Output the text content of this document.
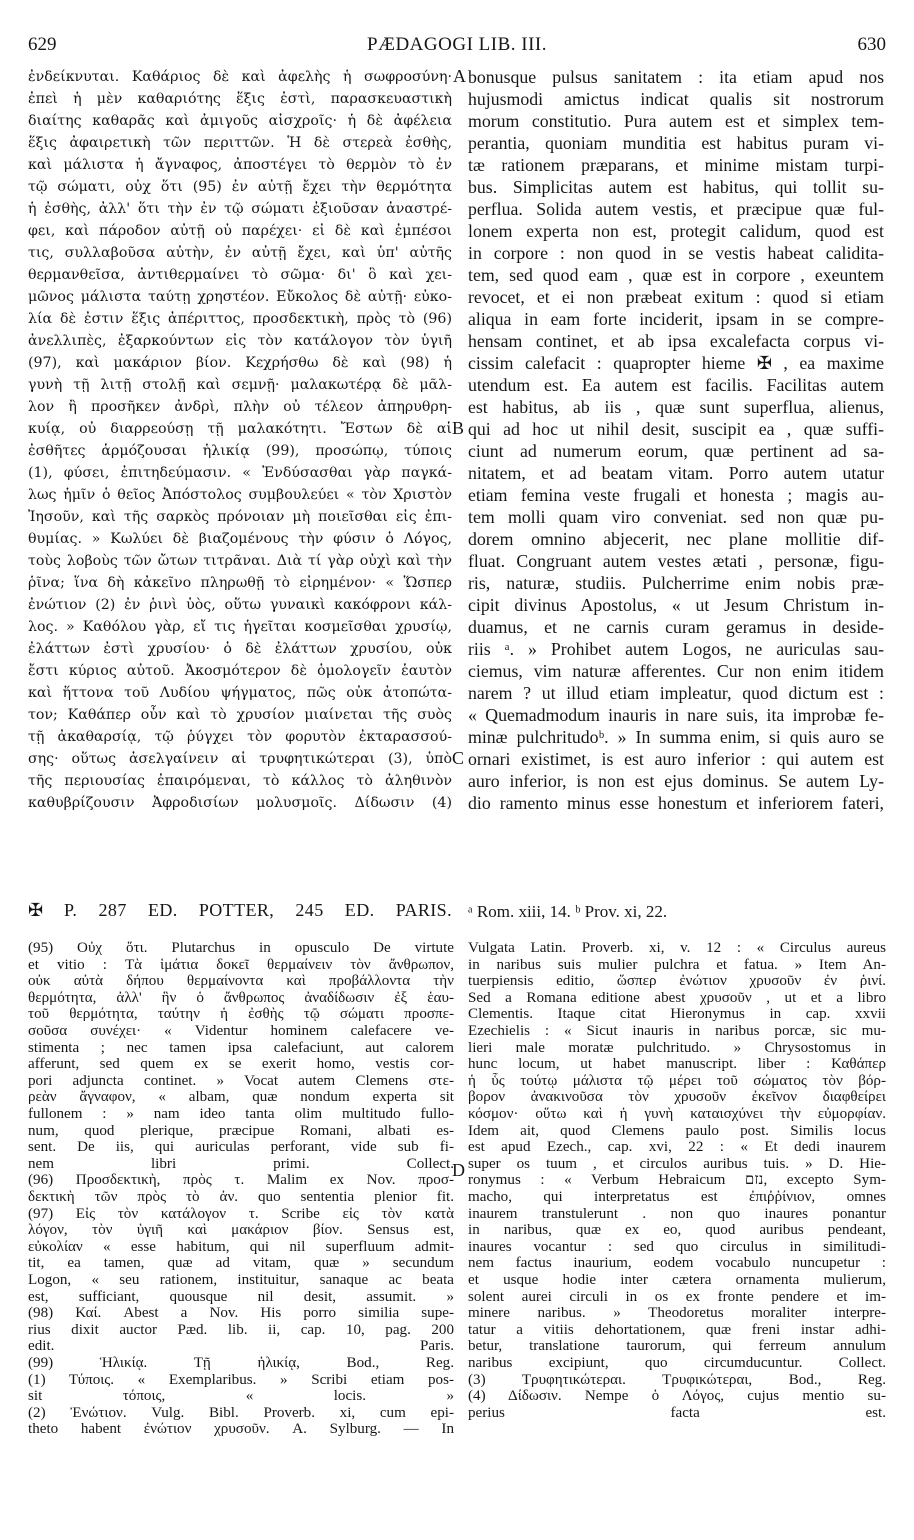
629	PÆDAGOGI LIB. III.	630
ἐνδείκνυται. Καθάριος δὲ καὶ ἀφελὴς ἡ σωφροσύνη·
ἐπεὶ ἡ μὲν καθαριότης ἕξις ἐστὶ, παρασκευαστικὴ
διαίτης καθαρᾶς καὶ ἀμιγοῦς αἰσχροῖς· ἡ δὲ ἀφέλεια
ἕξις ἀφαιρετικὴ τῶν περιττῶν. Ἡ δὲ στερεὰ ἐσθὴς,
καὶ μάλιστα ἡ ἄγναφος, ἀποστέγει τὸ θερμὸν τὸ ἐν
τῷ σώματι, οὐχ ὅτι (95) ἐν αὐτῇ ἔχει τὴν θερμότητα
ἡ ἐσθὴς, ἀλλ' ὅτι τὴν ἐν τῷ σώματι ἐξιοῦσαν ἀναστρέ-
φει, καὶ πάροδον αὐτῇ οὐ παρέχει· εἰ δὲ καὶ ἐμπέσοι
τις, συλλαβοῦσα αὐτὴν, ἐν αὐτῇ ἔχει, καὶ ὑπ' αὐτῆς
θερμανθεῖσα, ἀντιθερμαίνει τὸ σῶμα· δι' ὃ καὶ χει-
μῶνος μάλιστα ταύτῃ χρηστέον. Εὔκολος δὲ αὐτῇ· εὐκο-
λία δὲ ἐστιν ἕξις ἀπέριττος, προσδεκτικὴ, πρὸς τὸ (96)
ἀνελλιπὲς, ἐξαρκούντων εἰς τὸν κατάλογον τὸν ὑγιῆ
(97), καὶ μακάριον βίον. Κεχρήσθω δὲ καὶ (98) ἡ
γυνὴ τῇ λιτῇ στολῇ καὶ σεμνῇ· μαλακωτέρᾳ δὲ μᾶλ-
λον ἢ προσῆκεν ἀνδρὶ, πλὴν οὐ τέλεον ἀπηρυθρη-
κυίᾳ, οὐ διαρρεούσῃ τῇ μαλακότητι. Ἔστων δὲ αἱ
ἐσθῆτες ἁρμόζουσαι ἡλικίᾳ (99), προσώπῳ, τύποις
(1), φύσει, ἐπιτηδεύμασιν. « Ἐνδύσασθαι γὰρ παγκά-
λως ἡμῖν ὁ θεῖος Ἀπόστολος συμβουλεύει « τὸν Χριστὸν
Ἰησοῦν, καὶ τῆς σαρκὸς πρόνοιαν μὴ ποιεῖσθαι εἰς ἐπι-
θυμίας. » Κωλύει δὲ βιαζομένους τὴν φύσιν ὁ Λόγος,
τοὺς λοβοὺς τῶν ὤτων τιτρᾶναι. Διὰ τί γὰρ οὐχὶ καὶ τὴν
ῥῖνα; ἵνα δὴ κἀκεῖνο πληρωθῇ τὸ εἰρημένον· « Ὥσπερ
ἐνώτιον (2) ἐν ῥινὶ ὑὸς, οὕτω γυναικὶ κακόφρονι κάλ-
λος. » Καθόλου γὰρ, εἴ τις ἡγεῖται κοσμεῖσθαι χρυσίῳ,
ἐλάττων ἐστὶ χρυσίου· ὁ δὲ ἐλάττων χρυσίου, οὐκ
ἔστι κύριος αὐτοῦ. Ἀκοσμότερον δὲ ὁμολογεῖν ἑαυτὸν
καὶ ἥττονα τοῦ Λυδίου ψήγματος, πῶς οὐκ ἀτοπώτα-
τον; Καθάπερ οὖν καὶ τὸ χρυσίον μιαίνεται τῆς συὸς
τῇ ἀκαθαρσίᾳ, τῷ ῥύγχει τὸν φορυτὸν ἐκταρασσού-
σης· οὕτως ἀσελγαίνειν αἱ τρυφητικώτεραι (3), ὑπὸ
τῆς περιουσίας ἐπαιρόμεναι, τὸ κάλλος τὸ ἀληθινὸν
καθυβρίζουσιν Ἀφροδισίων μολυσμοῖς. Δίδωσιν (4)
bonusque pulsus sanitatem : ita etiam apud nos
hujusmodi amictus indicat qualis sit nostrorum
morum constitutio. Pura autem est et simplex tem-
perantia, quoniam munditia est habitus puram vi-
tæ rationem præparans, et minime mistam turpi-
bus. Simplicitas autem est habitus, qui tollit su-
perflua. Solida autem vestis, et præcipue quæ ful-
lonem experta non est, protegit calidum, quod est
in corpore : non quod in se vestis habeat calidita-
tem, sed quod eam , quæ est in corpore , exeuntem
revocet, et ei non præbeat exitum : quod si etiam
aliqua in eam forte inciderit, ipsam in se compre-
hensam continet, et ab ipsa excalefacta corpus vi-
cissim calefacit : quapropter hieme ✠ , ea maxime
utendum est. Ea autem est facilis. Facilitas autem
est habitus, ab iis , quæ sunt superflua, alienus,
qui ad hoc ut nihil desit, suscipit ea , quæ suffi-
ciunt ad numerum eorum, quæ pertinent ad sa-
nitatem, et ad beatam vitam. Porro autem utatur
etiam femina veste frugali et honesta ; magis au-
tem molli quam viro conveniat. sed non quæ pu-
dorem omnino abjecerit, nec plane mollitie dif-
fluat. Congruant autem vestes ætati , personæ, figu-
ris, naturæ, studiis. Pulcherrime enim nobis præ-
cipit divinus Apostolus, « ut Jesum Christum in-
duamus, et ne carnis curam geramus in deside-
riis ᵃ. » Prohibet autem Logos, ne auriculas sau-
ciemus, vim naturæ afferentes. Cur non enim itidem
narem ? ut illud etiam impleatur, quod dictum est :
« Quemadmodum inauris in nare suis, ita improbæ fe-
minæ pulchritudoᵇ. » In summa enim, si quis auro se
ornari existimet, is est auro inferior : qui autem est
auro inferior, is non est ejus dominus. Se autem Ly-
dio ramento minus esse honestum et inferiorem fateri,
A
B
C
D
✠ P. 287 ED. POTTER, 245 ED. PARIS. ᵃ Rom. xiii, 14. ᵇ Prov. xi, 22.
(95) Οὐχ ὅτι. Plutarchus in opusculo De virtute
et vitio : Τὰ ἱμάτια δοκεῖ θερμαίνειν τὸν ἄνθρωπον,
οὐκ αὐτὰ δήπου θερμαίνοντα καὶ προβάλλοντα τὴν
θερμότητα, ἀλλ' ἣν ὁ ἄνθρωπος ἀναδίδωσιν ἐξ ἑαυ-
τοῦ θερμότητα, ταύτην ἡ ἐσθὴς τῷ σώματι προσπε-
σοῦσα συνέχει· « Videntur hominem calefacere ve-
stimenta ; nec tamen ipsa calefaciunt, aut calorem
afferunt, sed quem ex se exerit homo, vestis cor-
pori adjuncta continet. » Vocat autem Clemens στε-
ρεὰν ἄγναφον, « albam, quæ nondum experta sit
fullonem : » nam ideo tanta olim multitudo fullo-
num, quod plerique, præcipue Romani, albati es-
sent. De iis, qui auriculas perforant, vide sub fi-
nem libri primi. Collect.
(96) Προσδεκτικὴ, πρὸς τ. Malim ex Nov. προσ-
δεκτικὴ τῶν πρὸς τὸ ἀν. quo sententia plenior fit.
(97) Εἰς τὸν κατάλογον τ. Scribe εἰς τὸν κατὰ
λόγον, τὸν ὑγιῆ καὶ μακάριον βίον. Sensus est,
εὐκολίαν « esse habitum, qui nil superfluum admit-
tit, ea tamen, quæ ad vitam, quæ » secundum
Logon, « seu rationem, instituitur, sanaque ac beata
est, sufficiant, quousque nil desit, assumit. »
(98) Καί. Abest a Nov. His porro similia supe-
rius dixit auctor Pæd. lib. ii, cap. 10, pag. 200
edit. Paris.
(99) Ἡλικίᾳ. Τῇ ἡλικίᾳ, Bod., Reg.
(1) Τύποις. « Exemplaribus. » Scribi etiam pos-
sit τόποις, « locis. »
(2) Ἐνώτιον. Vulg. Bibl. Proverb. xi, cum epi-
theto habent ἐνώτιον χρυσοῦν. A. Sylburg. — In
Vulgata Latin. Proverb. xi, v. 12 : « Circulus aureus
in naribus suis mulier pulchra et fatua. » Item An-
tuerpiensis editio, ὥσπερ ἐνώτιον χρυσοῦν ἐν ῥινί.
Sed a Romana editione abest χρυσοῦν , ut et a libro
Clementis. Itaque citat Hieronymus in cap. xxvii
Ezechielis : « Sicut inauris in naribus porcæ, sic mu-
lieri male moratæ pulchritudo. » Chrysostomus in
hunc locum, ut habet manuscript. liber : Καθάπερ
ἡ ὗς τούτῳ μάλιστα τῷ μέρει τοῦ σώματος τὸν βόρ-
βορον ἀνακινοῦσα τὸν χρυσοῦν ἐκεῖνον διαφθείρει
κόσμον· οὕτω καὶ ἡ γυνὴ καταισχύνει τὴν εὐμορφίαν.
Idem ait, quod Clemens paulo post. Similis locus
est apud Ezech., cap. xvi, 22 : « Et dedi inaurem
super os tuum , et circulos auribus tuis. » D. Hie-
ronymus : « Verbum Hebraicum נזם, excepto Sym-
macho, qui interpretatus est ἐπιῤῥίνιον, omnes
inaurem transtulerunt . non quo inaures ponantur
in naribus, quæ ex eo, quod auribus pendeant,
inaures vocantur : sed quo circulus in similitudi-
nem factus inaurium, eodem vocabulo nuncupetur :
et usque hodie inter cætera ornamenta mulierum,
solent aurei circuli in os ex fronte pendere et im-
minere naribus. » Theodoretus moraliter interpre-
tatur a vitiis dehortationem, quæ freni instar adhi-
betur, translatione taurorum, qui ferreum annulum
naribus excipiunt, quo circumducuntur. Collect.
(3) Τρυφητικώτεραι. Τρυφικώτεραι, Bod., Reg.
(4) Δίδωσιν. Nempe ὁ Λόγος, cujus mentio su-
perius facta est.
